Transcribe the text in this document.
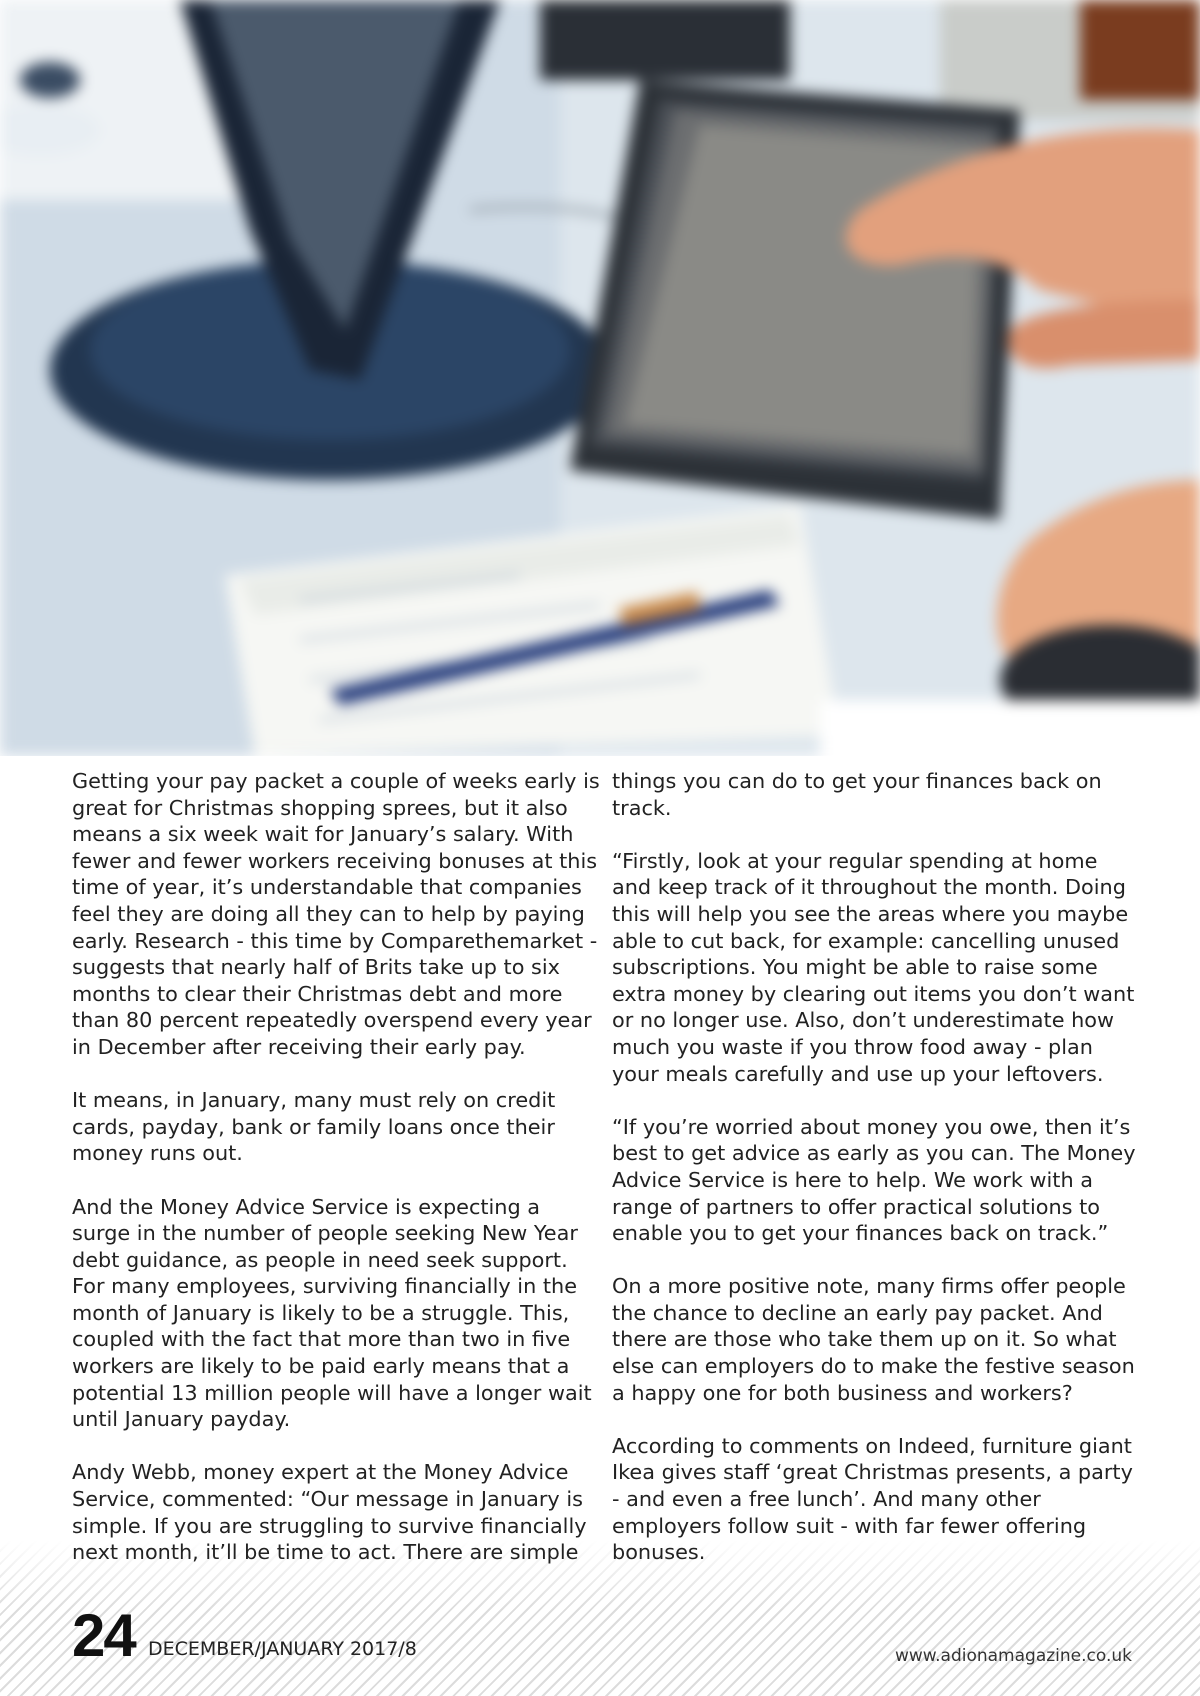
Getting your pay packet a couple of weeks early is great for Christmas shopping sprees, but it also means a six week wait for January’s salary. With fewer and fewer workers receiving bonuses at this time of year, it’s understandable that companies feel they are doing all they can to help by paying early. Research - this time by Comparethemarket - suggests that nearly half of Brits take up to six months to clear their Christmas debt and more than 80 percent repeatedly overspend every year in December after receiving their early pay.

It means, in January, many must rely on credit cards, payday, bank or family loans once their money runs out.

And the Money Advice Service is expecting a surge in the number of people seeking New Year debt guidance, as people in need seek support. For many employees, surviving financially in the month of January is likely to be a struggle. This, coupled with the fact that more than two in five workers are likely to be paid early means that a potential 13 million people will have a longer wait until January payday.

Andy Webb, money expert at the Money Advice Service, commented: “Our message in January is simple. If you are struggling to survive financially next month, it’ll be time to act. There are simple

things you can do to get your finances back on track.

“Firstly, look at your regular spending at home and keep track of it throughout the month. Doing this will help you see the areas where you maybe able to cut back, for example: cancelling unused subscriptions. You might be able to raise some extra money by clearing out items you don’t want or no longer use. Also, don’t underestimate how much you waste if you throw food away - plan your meals carefully and use up your leftovers.

“If you’re worried about money you owe, then it’s best to get advice as early as you can. The Money Advice Service is here to help. We work with a range of partners to offer practical solutions to enable you to get your finances back on track.”

On a more positive note, many firms offer people the chance to decline an early pay packet. And there are those who take them up on it. So what else can employers do to make the festive season a happy one for both business and workers?

According to comments on Indeed, furniture giant Ikea gives staff ‘great Christmas presents, a party - and even a free lunch’. And many other employers follow suit - with far fewer offering bonuses.

24 DECEMBER/JANUARY 2017/8	www.adionamagazine.co.uk
